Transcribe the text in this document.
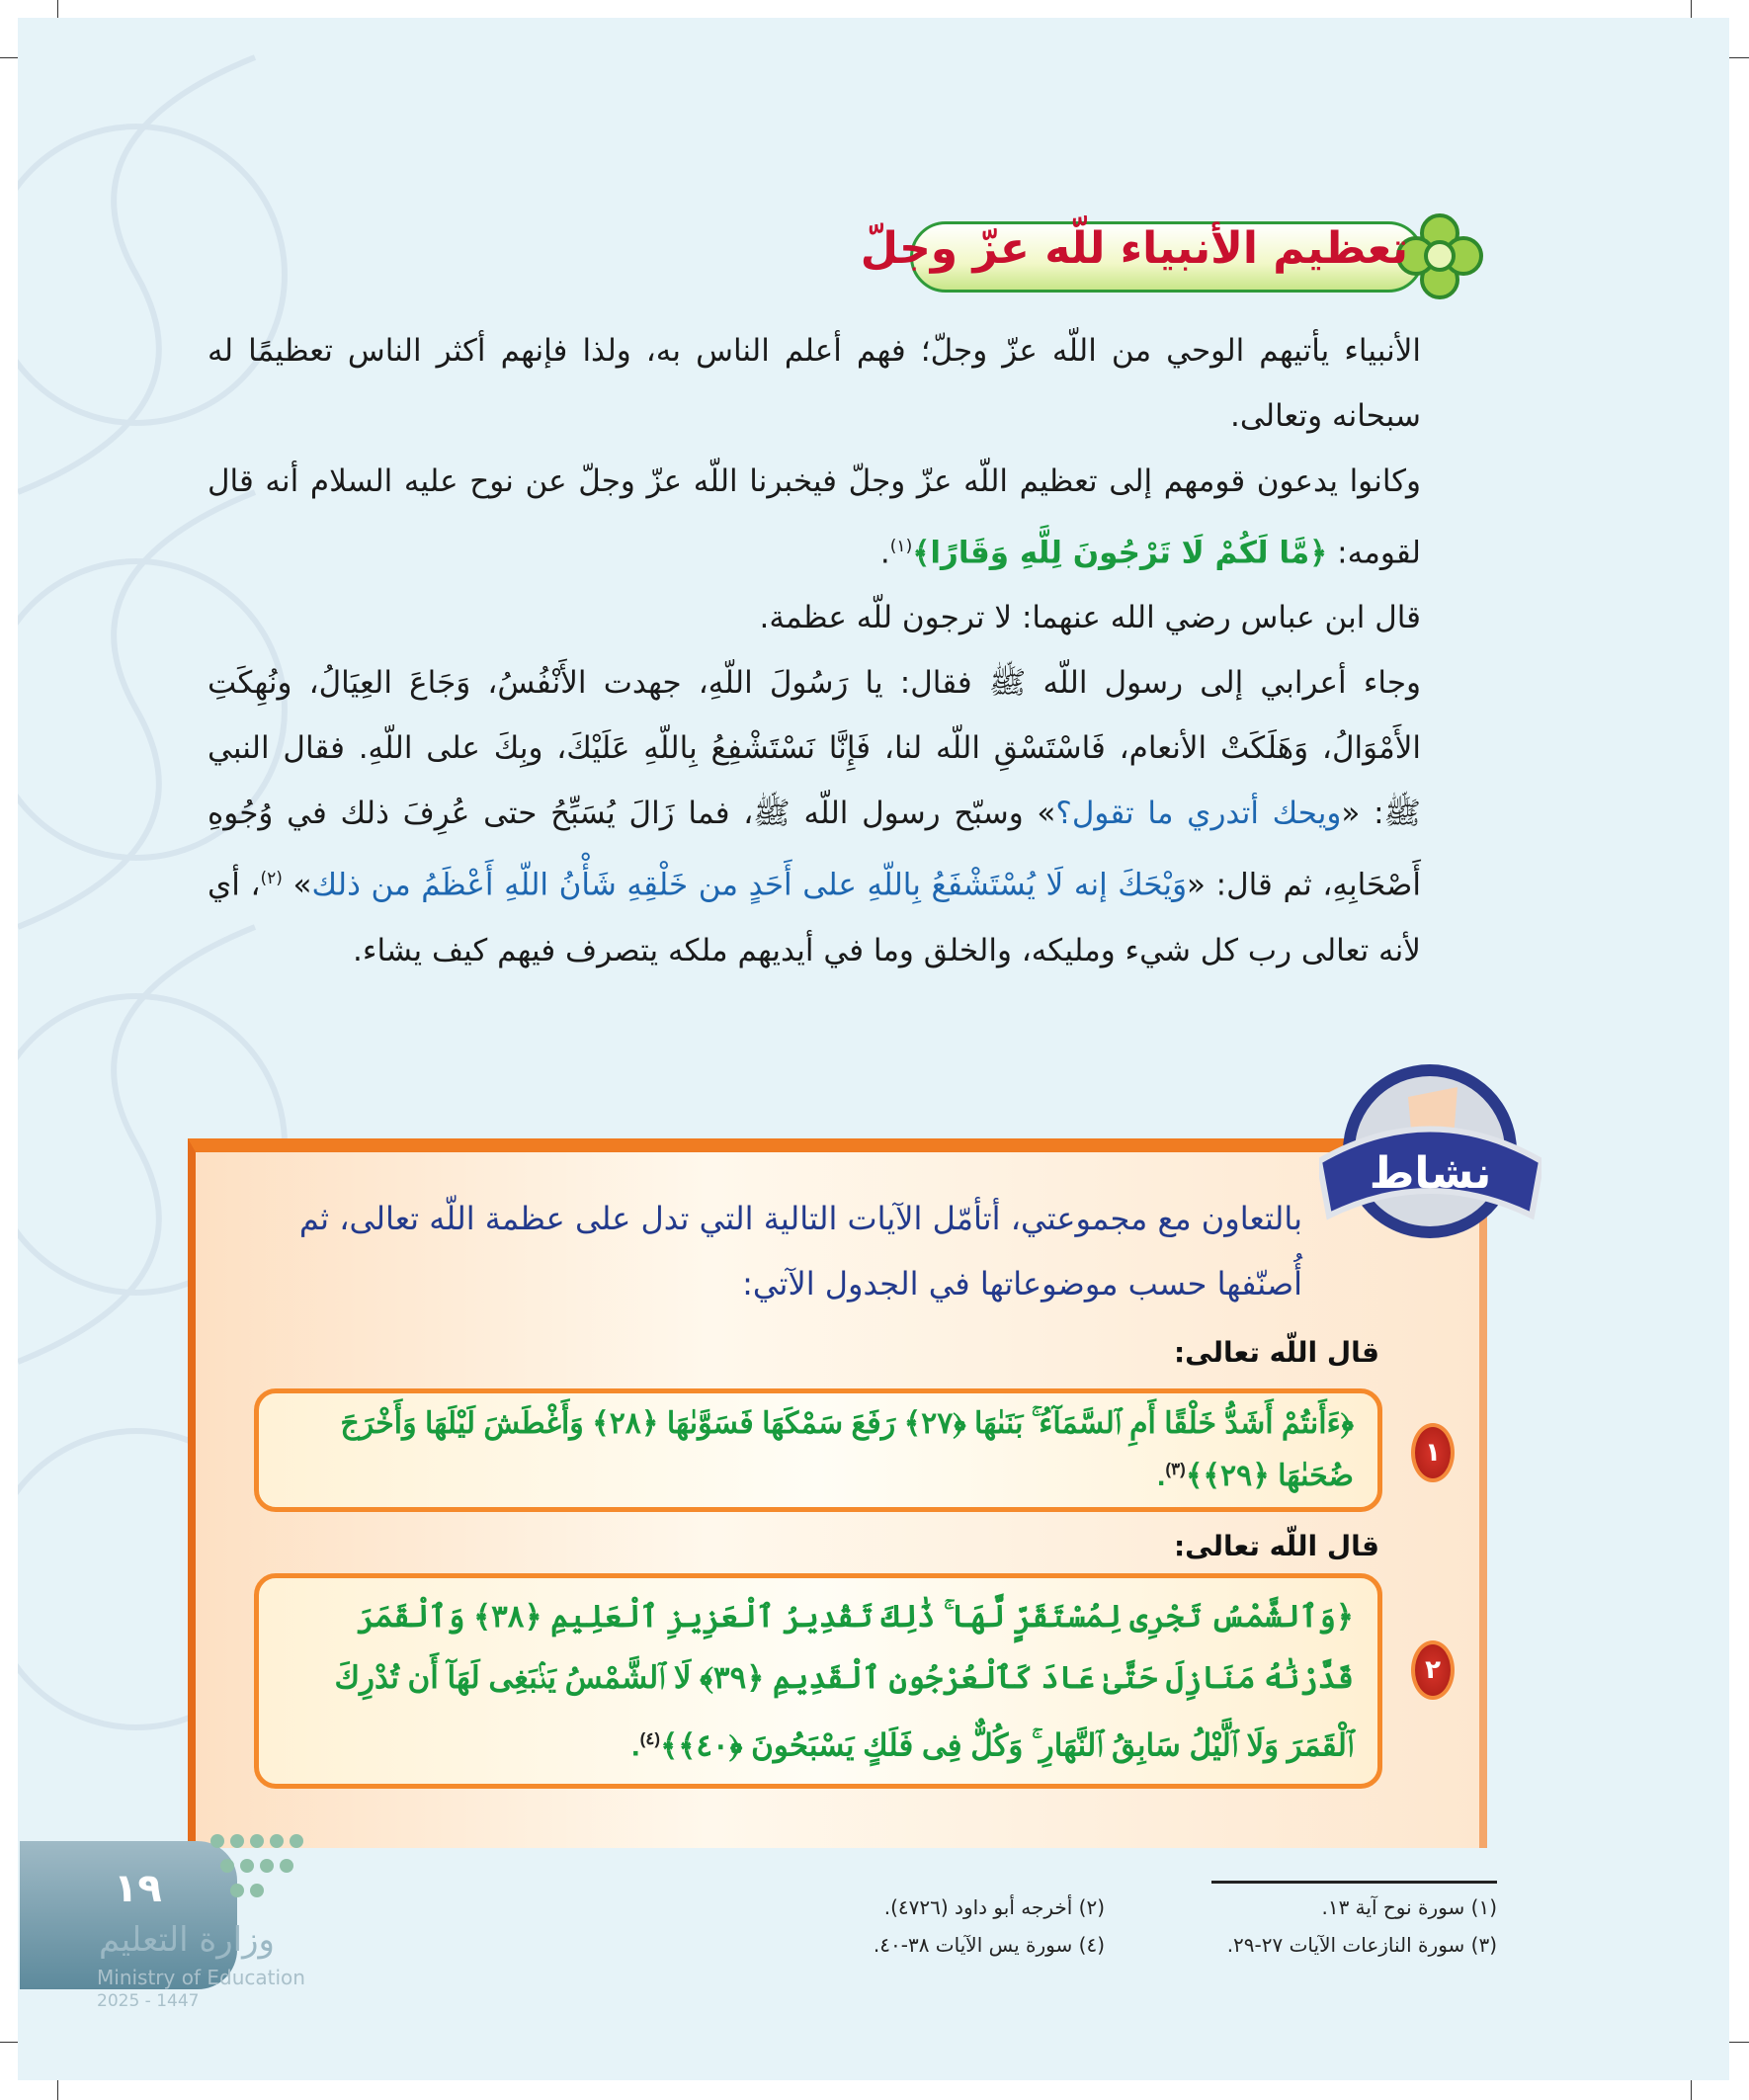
تعظيم الأنبياء للّه عزّ وجلّ

الأنبياء يأتيهم الوحي من اللّه عزّ وجلّ؛ فهم أعلم الناس به، ولذا فإنهم أكثر الناس تعظيمًا له سبحانه وتعالى.

وكانوا يدعون قومهم إلى تعظيم اللّه عزّ وجلّ فيخبرنا اللّه عزّ وجلّ عن نوح عليه السلام أنه قال لقومه: ﴿مَّا لَكُمْ لَا تَرْجُونَ لِلَّهِ وَقَارًا﴾$^{(١)}$.

قال ابن عباس رضي الله عنهما: لا ترجون للّه عظمة.

وجاء أعرابي إلى رسول اللّه ﷺ فقال: يا رَسُولَ اللّهِ، جهدت الأَنْفُسُ، وَجَاعَ العِيَالُ، ونُهِكَتِ الأَمْوَالُ، وَهَلَكَتْ الأنعام، فَاسْتَسْقِ اللّه لنا، فَإِنَّا نَسْتَشْفِعُ بِاللّهِ عَلَيْكَ، وبِكَ على اللّهِ. فقال النبي ﷺ: «ويحك أتدري ما تقول؟» وسبّح رسول اللّه ﷺ، فما زَالَ يُسَبِّحُ حتى عُرِفَ ذلك في وُجُوهِ أَصْحَابِهِ، ثم قال: «وَيْحَكَ إنه لَا يُسْتَشْفَعُ بِاللّهِ على أَحَدٍ من خَلْقِهِ شَأْنُ اللّهِ أَعْظَمُ من ذلك» $^{(٢)}$، أي لأنه تعالى رب كل شيء ومليكه، والخلق وما في أيديهم ملكه يتصرف فيهم كيف يشاء.

نشاط
بالتعاون مع مجموعتي، أتأمّل الآيات التالية التي تدل على عظمة اللّه تعالى، ثم أُصنّفها حسب موضوعاتها في الجدول الآتي:
قال اللّه تعالى:
١
﴿ءَأَنتُمْ أَشَدُّ خَلْقًا أَمِ ٱلسَّمَآءُ ۚ بَنَىٰهَا ﴿٢٧﴾ رَفَعَ سَمْكَهَا فَسَوَّىٰهَا ﴿٢٨﴾ وَأَغْطَشَ لَيْلَهَا وَأَخْرَجَ ضُحَىٰهَا ﴿٢٩﴾﴾$^{(٣)}$.
قال اللّه تعالى:
٢
﴿وَٱلشَّمْسُ تَجْرِى لِمُسْتَقَرٍّ لَّهَا ۚ ذَٰلِكَ تَقْدِيرُ ٱلْعَزِيزِ ٱلْعَلِيمِ ﴿٣٨﴾ وَٱلْقَمَرَ قَدَّرْنَٰهُ مَنَازِلَ حَتَّىٰ عَادَ كَٱلْعُرْجُونِ ٱلْقَدِيمِ ﴿٣٩﴾ لَا ٱلشَّمْسُ يَنۢبَغِى لَهَآ أَن تُدْرِكَ ٱلْقَمَرَ وَلَا ٱلَّيْلُ سَابِقُ ٱلنَّهَارِ ۚ وَكُلٌّ فِى فَلَكٍ يَسْبَحُونَ ﴿٤٠﴾﴾$^{(٤)}$.
(١) سورة نوح آية ١٣.
(٢) أخرجه أبو داود (٤٧٢٦).
(٣) سورة النازعات الآيات ٢٧-٢٩.
(٤) سورة يس الآيات ٣٨-٤٠.
١٩
وزارة التعليم
Ministry of Education
2025 - 1447
